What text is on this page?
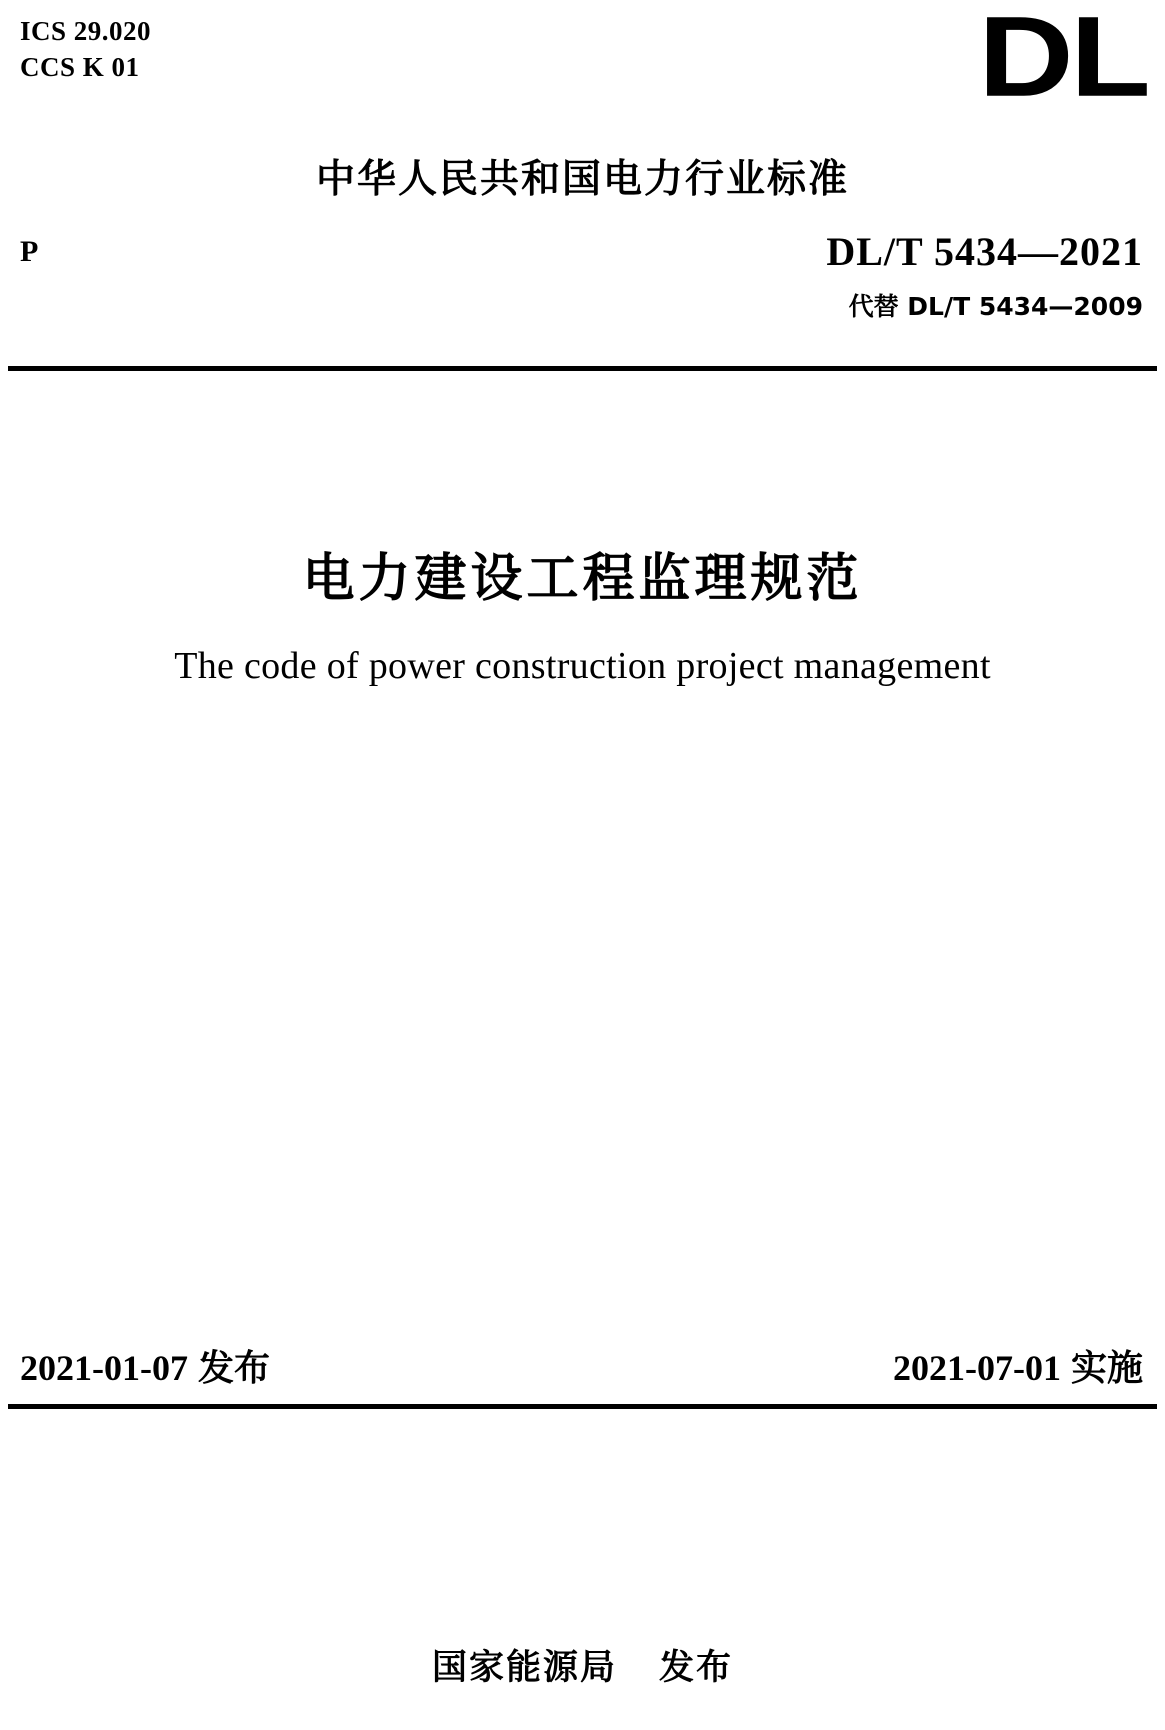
ICS 29.020
CCS K 01	DL
中华人民共和国电力行业标准
P	DL/T 5434—2021
代替 DL/T 5434—2009
电力建设工程监理规范
The code of power construction project management
2021-01-07 发布	2021-07-01 实施
国家能源局 发布
